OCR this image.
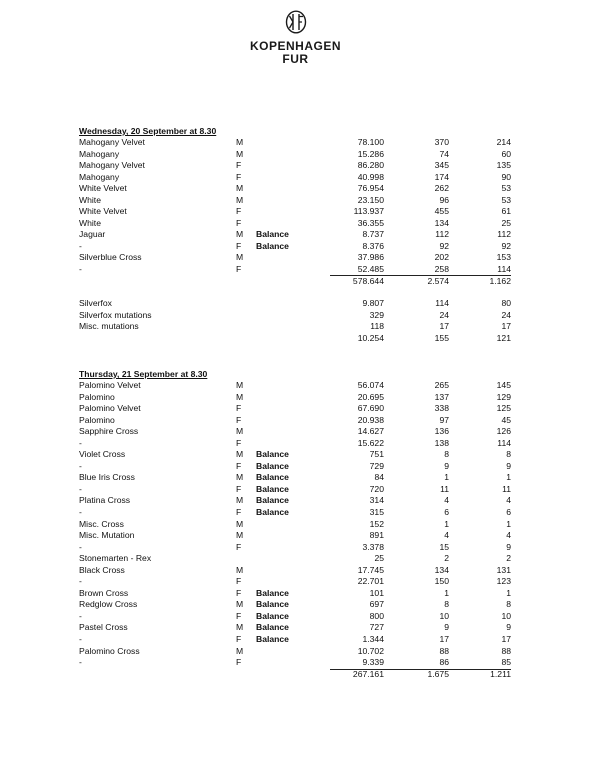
KOPENHAGEN
FUR
Wednesday, 20 September at 8.30
Mahogany Velvet	M	78.100	370	214
Mahogany	M	15.286	74	60
Mahogany Velvet	F	86.280	345	135
Mahogany	F	40.998	174	90
White Velvet	M	76.954	262	53
White	M	23.150	96	53
White Velvet	F	113.937	455	61
White	F	36.355	134	25
Jaguar	M Balance	8.737	112	112
-	F Balance	8.376	92	92
Silverblue Cross	M	37.986	202	153
-	F	52.485	258	114
578.644	2.574	1.162
Silverfox	9.807	114	80
Silverfox mutations	329	24	24
Misc. mutations	118	17	17
10.254	155	121
Thursday, 21 September at 8.30
Palomino Velvet	M	56.074	265	145
Palomino	M	20.695	137	129
Palomino Velvet	F	67.690	338	125
Palomino	F	20.938	97	45
Sapphire Cross	M	14.627	136	126
-	F	15.622	138	114
Violet Cross	M Balance	751	8	8
-	F Balance	729	9	9
Blue Iris Cross	M Balance	84	1	1
-	F Balance	720	11	11
Platina Cross	M Balance	314	4	4
-	F Balance	315	6	6
Misc. Cross	M	152	1	1
Misc. Mutation	M	891	4	4
-	F	3.378	15	9
Stonemarten - Rex	25	2	2
Black Cross	M	17.745	134	131
-	F	22.701	150	123
Brown Cross	F Balance	101	1	1
Redglow Cross	M Balance	697	8	8
-	F Balance	800	10	10
Pastel Cross	M Balance	727	9	9
-	F Balance	1.344	17	17
Palomino Cross	M	10.702	88	88
-	F	9.339	86	85
267.161	1.675	1.211
